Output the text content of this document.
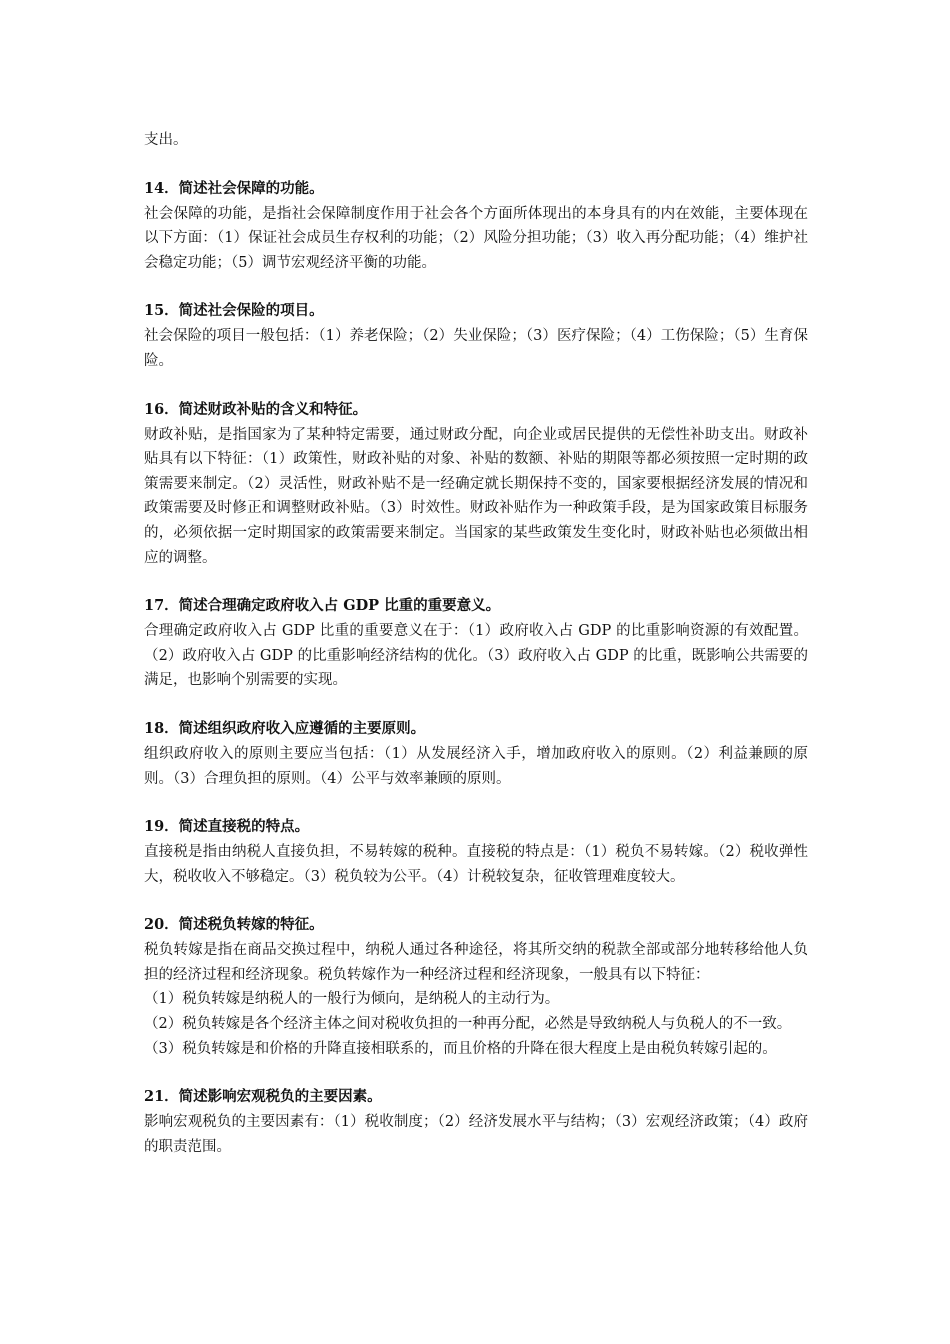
支出。

14．简述社会保障的功能。

社会保障的功能，是指社会保障制度作用于社会各个方面所体现出的本身具有的内在效能，主要体现在以下方面：（1）保证社会成员生存权利的功能；（2）风险分担功能；（3）收入再分配功能；（4）维护社会稳定功能；（5）调节宏观经济平衡的功能。

15．简述社会保险的项目。

社会保险的项目一般包括：（1）养老保险；（2）失业保险；（3）医疗保险；（4）工伤保险；（5）生育保险。

16．简述财政补贴的含义和特征。

财政补贴，是指国家为了某种特定需要，通过财政分配，向企业或居民提供的无偿性补助支出。财政补贴具有以下特征：（1）政策性，财政补贴的对象、补贴的数额、补贴的期限等都必须按照一定时期的政策需要来制定。（2）灵活性，财政补贴不是一经确定就长期保持不变的，国家要根据经济发展的情况和政策需要及时修正和调整财政补贴。（3）时效性。财政补贴作为一种政策手段，是为国家政策目标服务的，必须依据一定时期国家的政策需要来制定。当国家的某些政策发生变化时，财政补贴也必须做出相应的调整。

17．简述合理确定政府收入占 GDP 比重的重要意义。

合理确定政府收入占 GDP 比重的重要意义在于：（1）政府收入占 GDP 的比重影响资源的有效配置。（2）政府收入占 GDP 的比重影响经济结构的优化。（3）政府收入占 GDP 的比重，既影响公共需要的满足，也影响个别需要的实现。

18．简述组织政府收入应遵循的主要原则。

组织政府收入的原则主要应当包括：（1）从发展经济入手，增加政府收入的原则。（2）利益兼顾的原则。（3）合理负担的原则。（4）公平与效率兼顾的原则。

19．简述直接税的特点。

直接税是指由纳税人直接负担，不易转嫁的税种。直接税的特点是：（1）税负不易转嫁。（2）税收弹性大，税收收入不够稳定。（3）税负较为公平。（4）计税较复杂，征收管理难度较大。

20．简述税负转嫁的特征。

税负转嫁是指在商品交换过程中，纳税人通过各种途径，将其所交纳的税款全部或部分地转移给他人负担的经济过程和经济现象。税负转嫁作为一种经济过程和经济现象，一般具有以下特征：

（1）税负转嫁是纳税人的一般行为倾向，是纳税人的主动行为。

（2）税负转嫁是各个经济主体之间对税收负担的一种再分配，必然是导致纳税人与负税人的不一致。

（3）税负转嫁是和价格的升降直接相联系的，而且价格的升降在很大程度上是由税负转嫁引起的。

21．简述影响宏观税负的主要因素。

影响宏观税负的主要因素有：（1）税收制度；（2）经济发展水平与结构；（3）宏观经济政策；（4）政府的职责范围。
